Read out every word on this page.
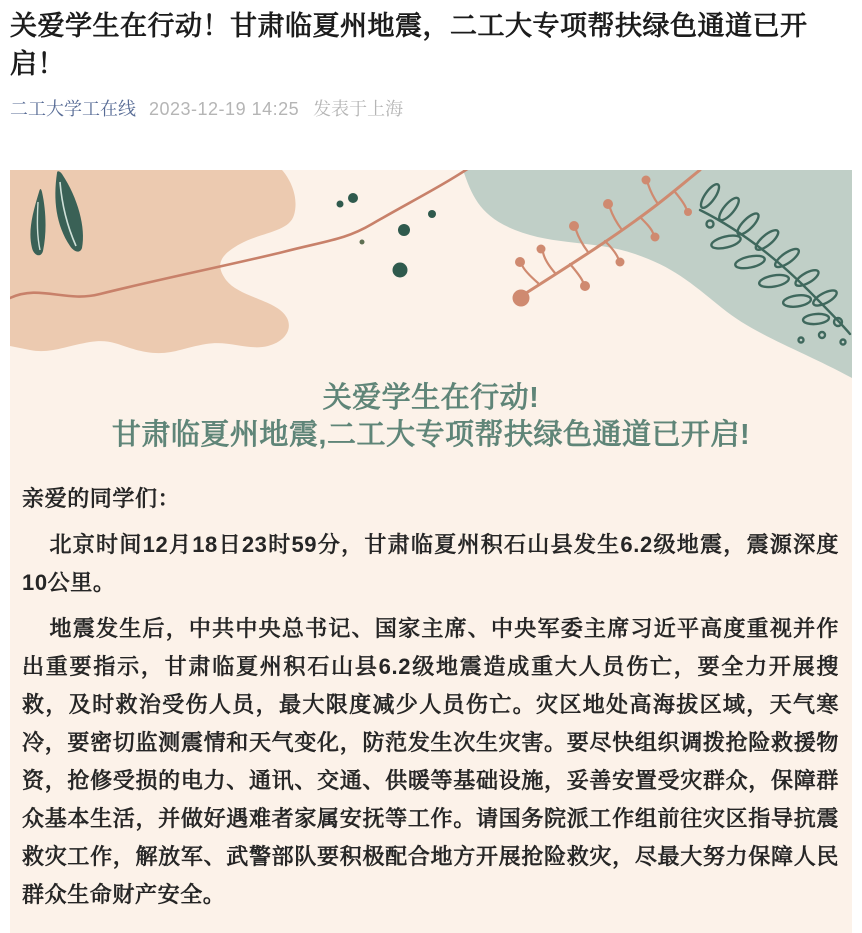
关爱学生在行动！甘肃临夏州地震，二工大专项帮扶绿色通道已开启！
二工大学工在线 2023-12-19 14:25 发表于上海
关爱学生在行动!
甘肃临夏州地震,二工大专项帮扶绿色通道已开启!

亲爱的同学们：

北京时间12月18日23时59分，甘肃临夏州积石山县发生6.2级地震，震源深度10公里。

地震发生后，中共中央总书记、国家主席、中央军委主席习近平高度重视并作出重要指示，甘肃临夏州积石山县6.2级地震造成重大人员伤亡，要全力开展搜救，及时救治受伤人员，最大限度减少人员伤亡。灾区地处高海拔区域，天气寒冷，要密切监测震情和天气变化，防范发生次生灾害。要尽快组织调拨抢险救援物资，抢修受损的电力、通讯、交通、供暖等基础设施，妥善安置受灾群众，保障群众基本生活，并做好遇难者家属安抚等工作。请国务院派工作组前往灾区指导抗震救灾工作，解放军、武警部队要积极配合地方开展抢险救灾，尽最大努力保障人民群众生命财产安全。
